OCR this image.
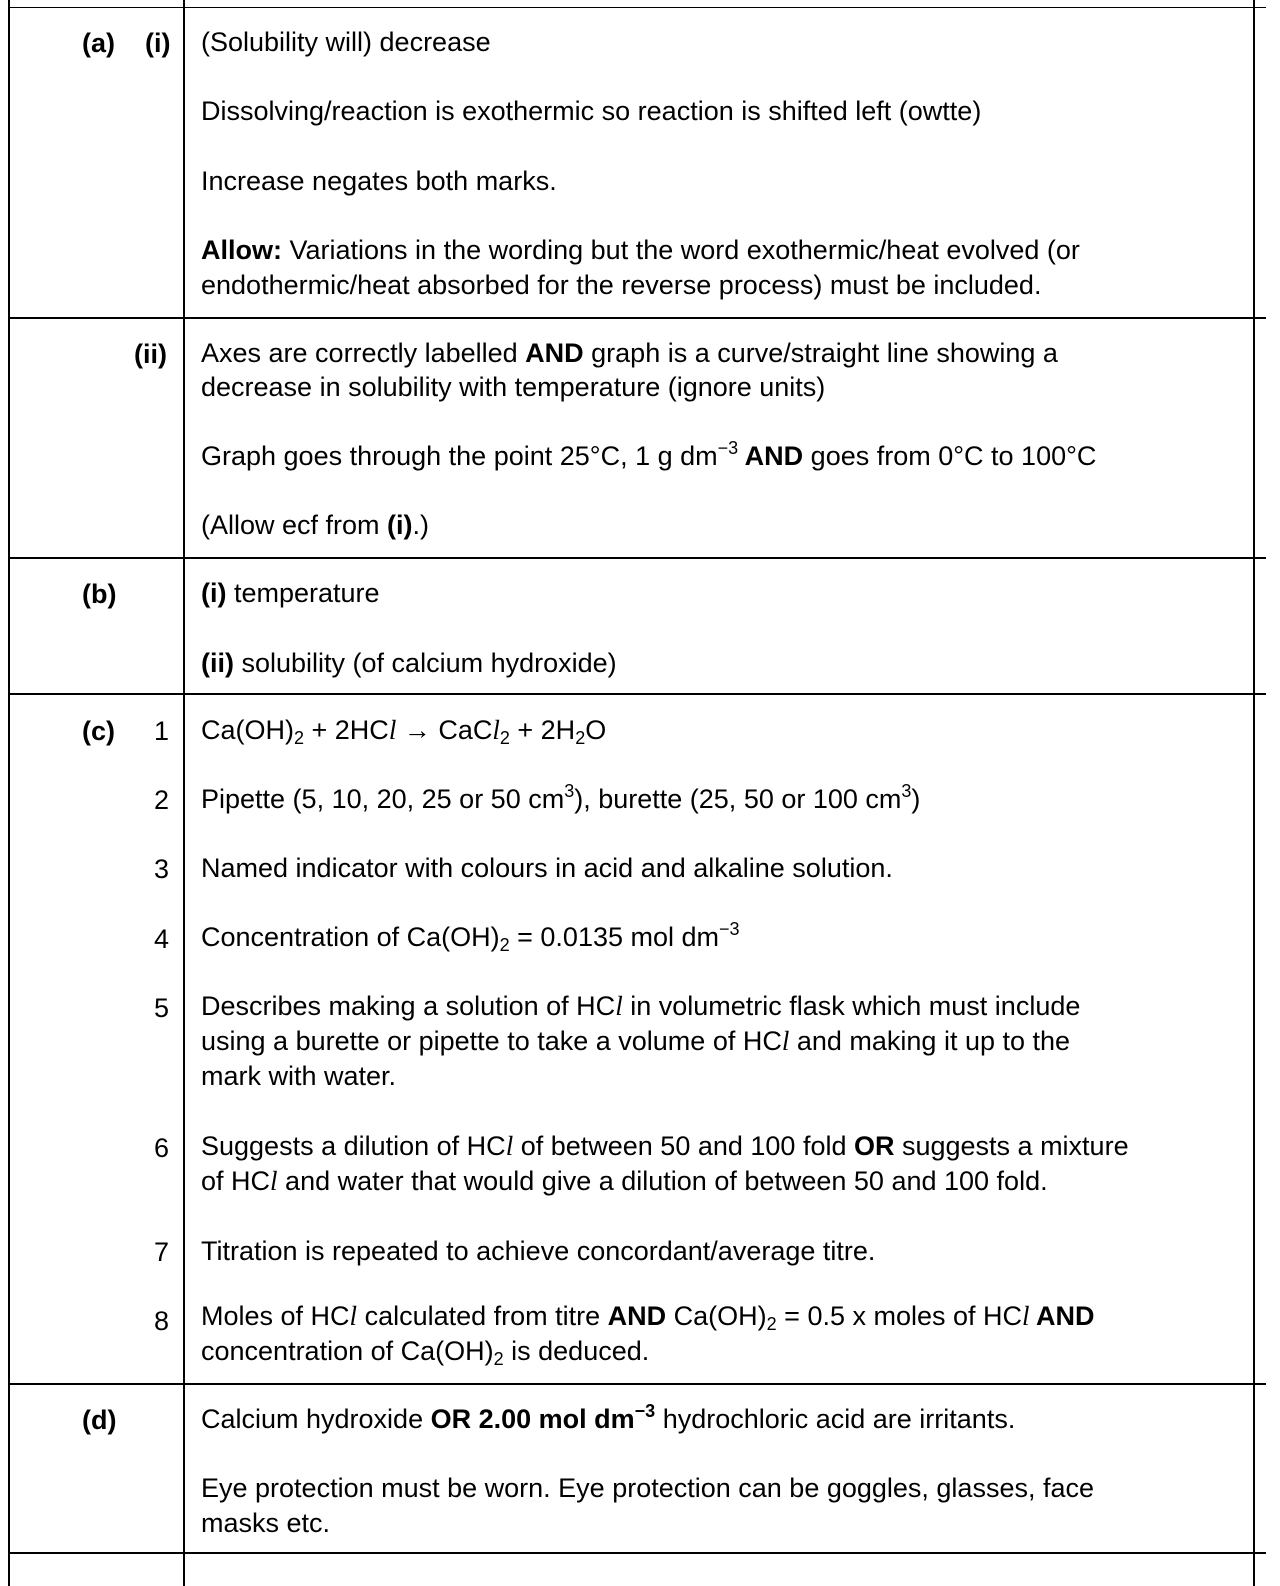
(a) (i) (Solubility will) decrease
Dissolving/reaction is exothermic so reaction is shifted left (owtte)
Increase negates both marks.
Allow: Variations in the wording but the word exothermic/heat evolved (or
endothermic/heat absorbed for the reverse process) must be included.
(ii) Axes are correctly labelled AND graph is a curve/straight line showing a
decrease in solubility with temperature (ignore units)
Graph goes through the point 25°C, 1 g $dm^{-3}$ AND goes from 0°C to 100°C
(Allow ecf from (i).)
(b)	(i) temperature
(ii) solubility (of calcium hydroxide)
(c) 1
2
3
4
5
6
7
8
$Ca(OH)_2 + 2HCl$ → CaCl$_2$ + $2H_2O$
Pipette (5, 10, 20, 25 or 50 $cm^3$), burette (25, 50 or 100 $cm^3$)
Named indicator with colours in acid and alkaline solution.
Concentration of $Ca(OH)_2 = 0.0135$ mol $dm^{-3}$
Describes making a solution of HCl in volumetric flask which must include
using a burette or pipette to take a volume of HCl and making it up to the
mark with water.
Suggests a dilution of HCl of between 50 and 100 fold OR suggests a mixture
of HCl and water that would give a dilution of between 50 and 100 fold.
Titration is repeated to achieve concordant/average titre.
Moles of HCl calculated from titre AND $Ca(OH)_2 = 0.5$ x moles of HCl AND
concentration of $Ca(OH)_2$ is deduced.
(d)	Calcium hydroxide OR 2.00 mol $dm^{-3}$ hydrochloric acid are irritants.
Eye protection must be worn. Eye protection can be goggles, glasses, face
masks etc.
